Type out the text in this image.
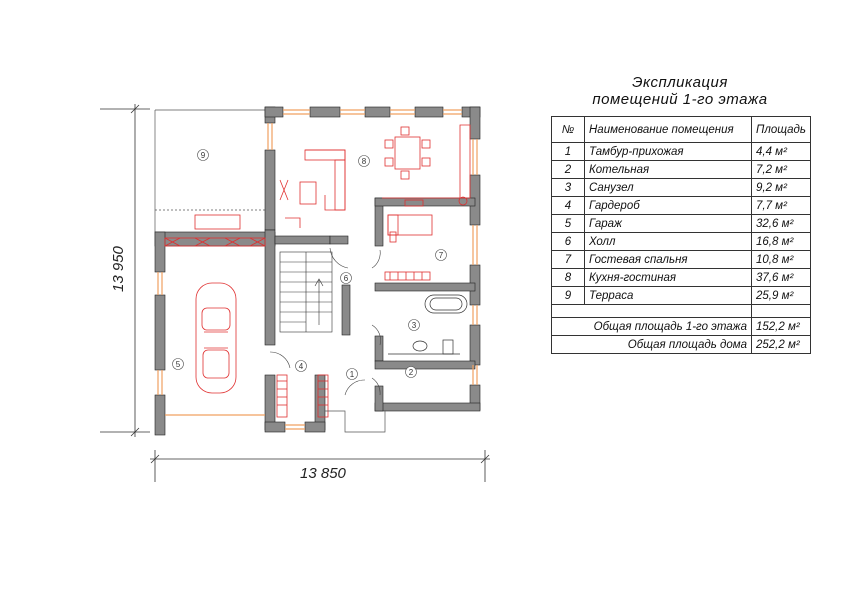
13 850
13 950
1	2
3
4
5
6
7
8
9
Экспликация
помещений 1-го этажа
№	Наименование помещения	Площадь
1	Тамбур-прихожая	4,4 м²
2	Котельная	7,2 м²
3	Санузел	9,2 м²
4	Гардероб	7,7 м²
5	Гараж	32,6 м²
6	Холл	16,8 м²
7	Гостевая спальня	10,8 м²
8	Кухня-гостиная	37,6 м²
9	Терраса	25,9 м²

Общая площадь 1-го этажа		152,2 м²
Общая площадь дома		252,2 м²
